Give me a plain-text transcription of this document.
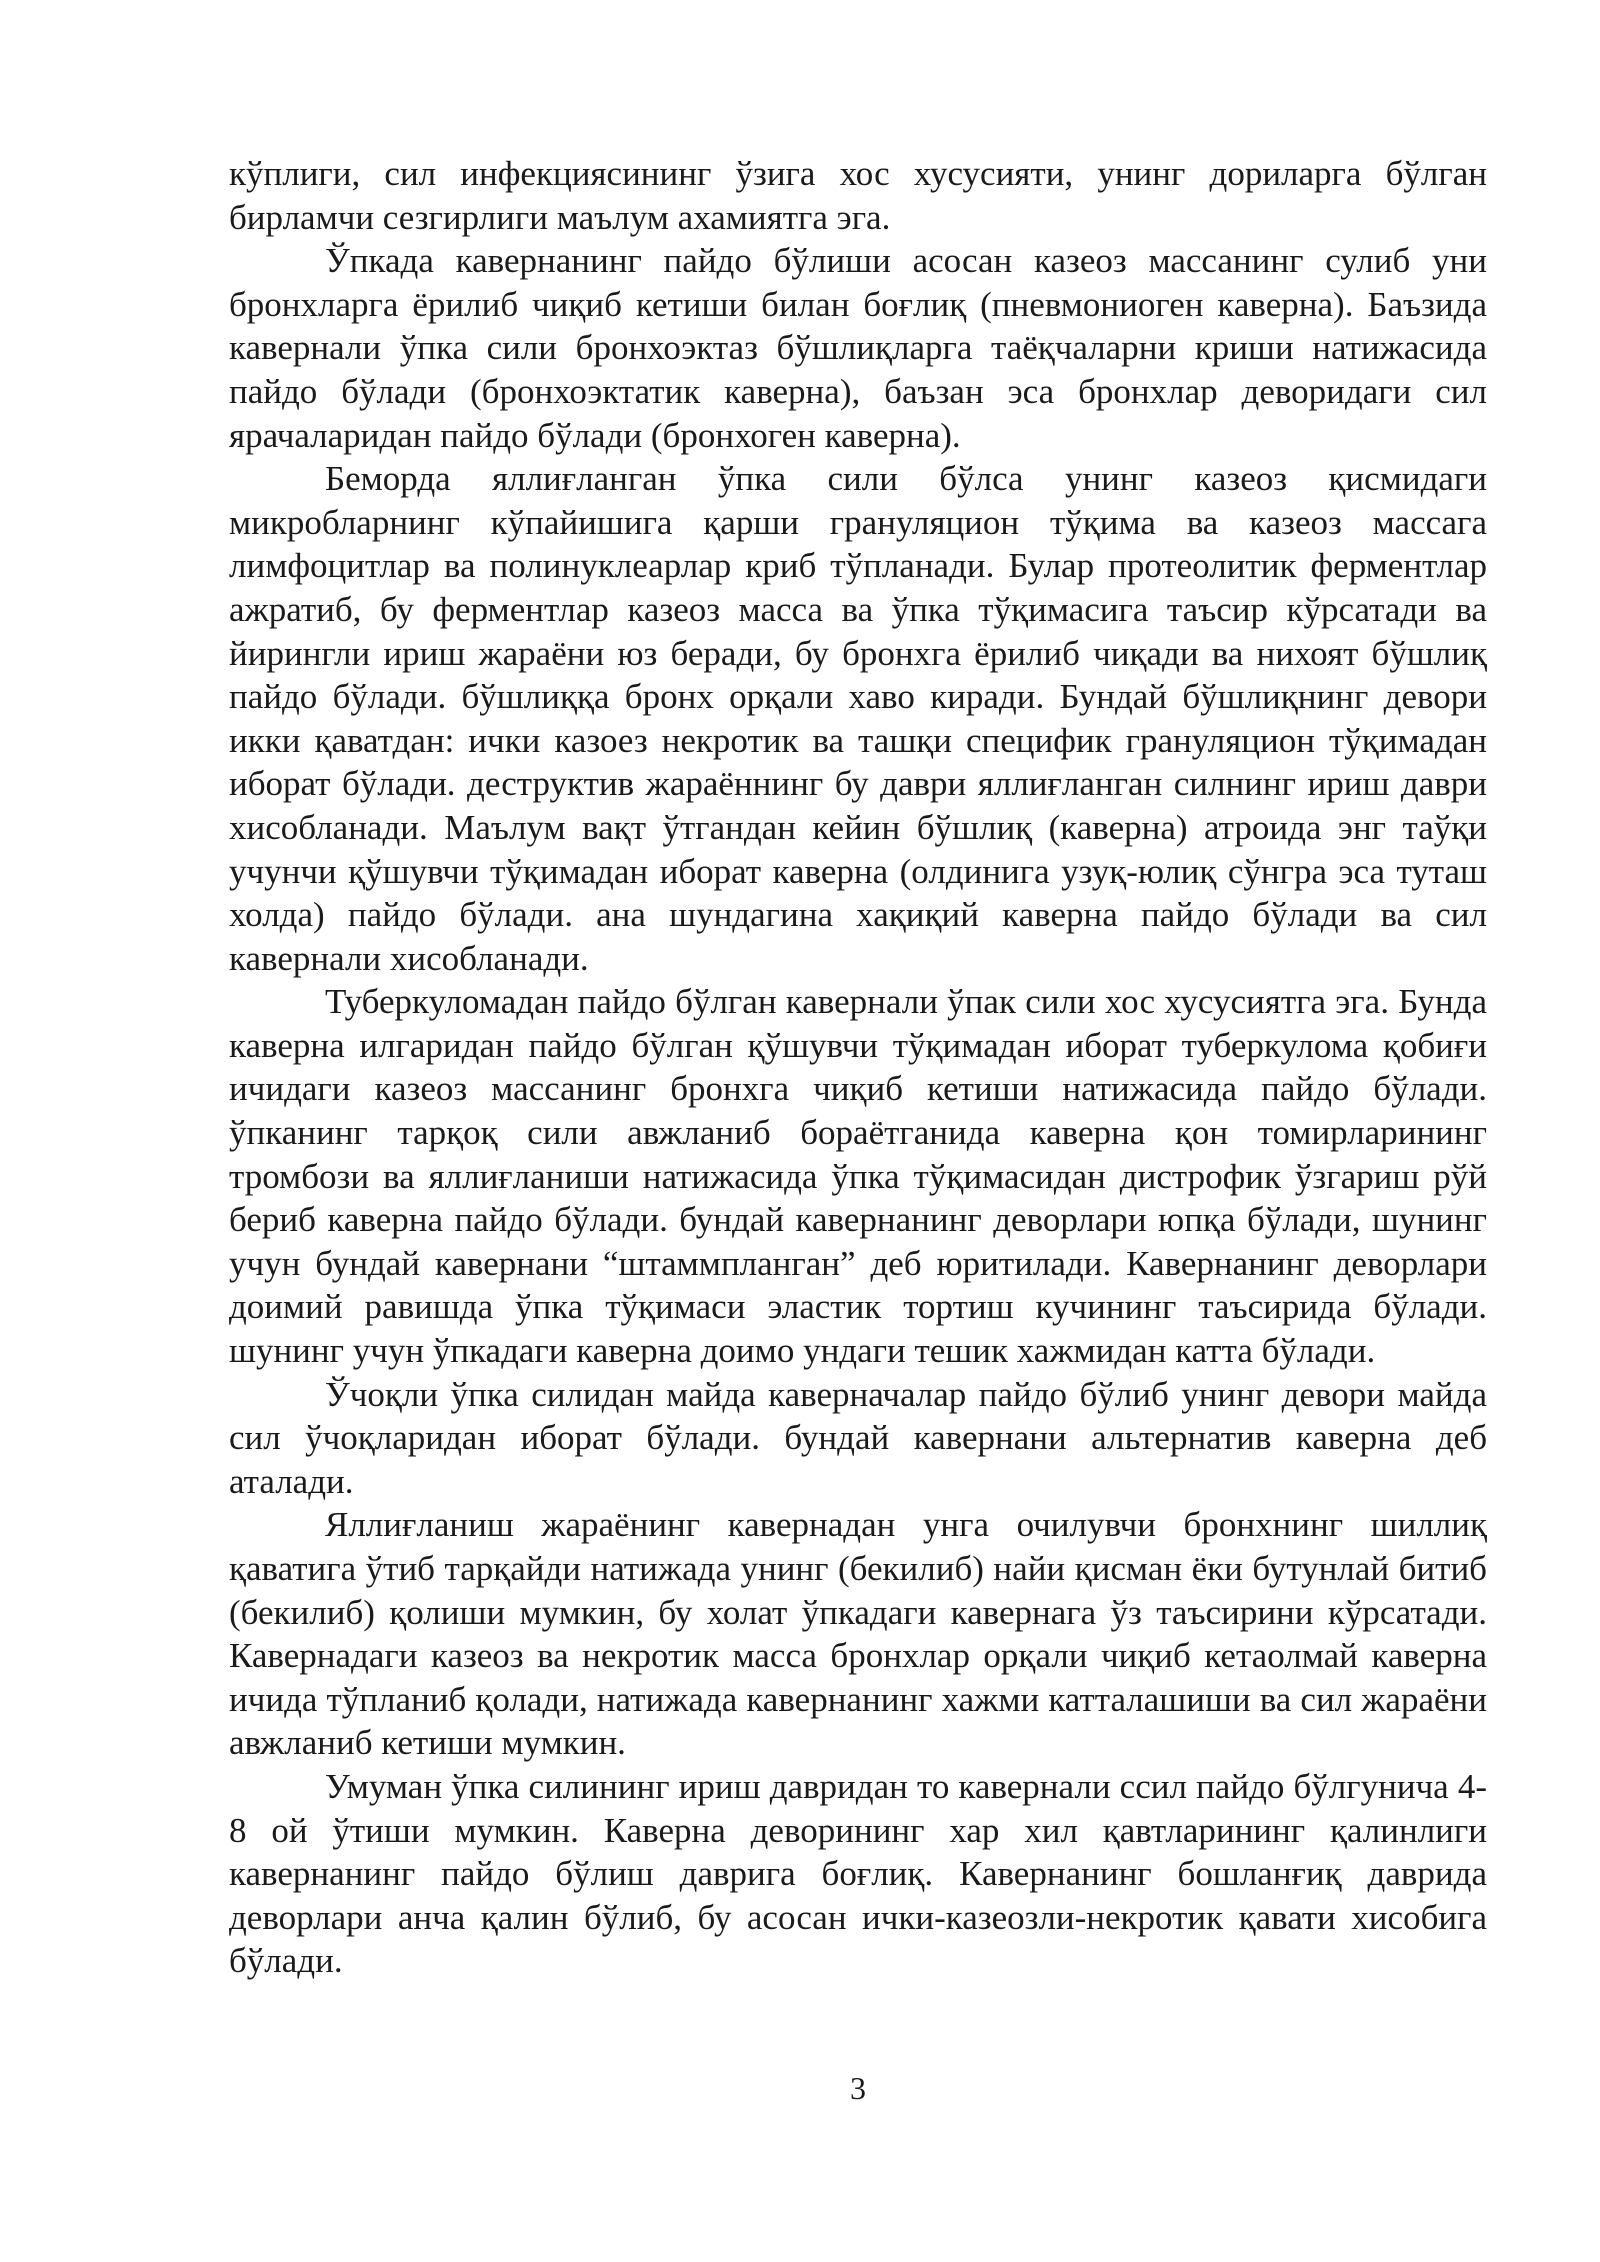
кўплиги, сил инфекциясининг ўзига хос хусусияти, унинг дориларга бўлган бирламчи сезгирлиги маълум ахамиятга эга.

Ўпкада кавернанинг пайдо бўлиши асосан казеоз массанинг сулиб уни бронхларга ёрилиб чиқиб кетиши билан боғлиқ (пневмониоген каверна). Баъзида кавернали ўпка сили бронхоэктаз бўшлиқларга таёқчаларни криши натижасида пайдо бўлади (бронхоэктатик каверна), баъзан эса бронхлар деворидаги сил ярачаларидан пайдо бўлади (бронхоген каверна).

Беморда яллиғланган ўпка сили бўлса унинг казеоз қисмидаги микробларнинг кўпайишига қарши грануляцион тўқима ва казеоз массага лимфоцитлар ва полинуклеарлар криб тўпланади. Булар протеолитик ферментлар ажратиб, бу ферментлар казеоз масса ва ўпка тўқимасига таъсир кўрсатади ва йирингли ириш жараёни юз беради, бу бронхга ёрилиб чиқади ва нихоят бўшлиқ пайдо бўлади. бўшлиққа бронх орқали хаво киради. Бундай бўшлиқнинг девори икки қаватдан: ички казоез некротик ва ташқи специфик грануляцион тўқимадан иборат бўлади. деструктив жараённинг бу даври яллиғланган силнинг ириш даври хисобланади. Маълум вақт ўтгандан кейин бўшлиқ (каверна) атроида энг таўқи учунчи қўшувчи тўқимадан иборат каверна (олдинига узуқ-юлиқ сўнгра эса туташ холда) пайдо бўлади. ана шундагина хақиқий каверна пайдо бўлади ва сил кавернали хисобланади.

Туберкуломадан пайдо бўлган кавернали ўпак сили хос хусусиятга эга. Бунда каверна илгаридан пайдо бўлган қўшувчи тўқимадан иборат туберкулома қобиғи ичидаги казеоз массанинг бронхга чиқиб кетиши натижасида пайдо бўлади. ўпканинг тарқоқ сили авжланиб бораётганида каверна қон томирларининг тромбози ва яллиғланиши натижасида ўпка тўқимасидан дистрофик ўзгариш рўй бериб каверна пайдо бўлади. бундай кавернанинг деворлари юпқа бўлади, шунинг учун бундай кавернани “штаммпланган” деб юритилади. Кавернанинг деворлари доимий равишда ўпка тўқимаси эластик тортиш кучининг таъсирида бўлади. шунинг учун ўпкадаги каверна доимо ундаги тешик хажмидан катта бўлади.

Ўчоқли ўпка силидан майда каверначалар пайдо бўлиб унинг девори майда сил ўчоқларидан иборат бўлади. бундай кавернани альтернатив каверна деб аталади.

Яллиғланиш жараёнинг кавернадан унга очилувчи бронхнинг шиллиқ қаватига ўтиб тарқайди натижада унинг (бекилиб) найи қисман ёки бутунлай битиб (бекилиб) қолиши мумкин, бу холат ўпкадаги кавернага ўз таъсирини кўрсатади. Кавернадаги казеоз ва некротик масса бронхлар орқали чиқиб кетаолмай каверна ичида тўпланиб қолади, натижада кавернанинг хажми катталашиши ва сил жараёни авжланиб кетиши мумкин.

Умуман ўпка силининг ириш давридан то кавернали ссил пайдо бўлгунича 4-8 ой ўтиши мумкин. Каверна деворининг хар хил қавтларининг қалинлиги кавернанинг пайдо бўлиш даврига боғлиқ. Кавернанинг бошланғиқ даврида деворлари анча қалин бўлиб, бу асосан ички-казеозли-некротик қавати хисобига бўлади.

3
